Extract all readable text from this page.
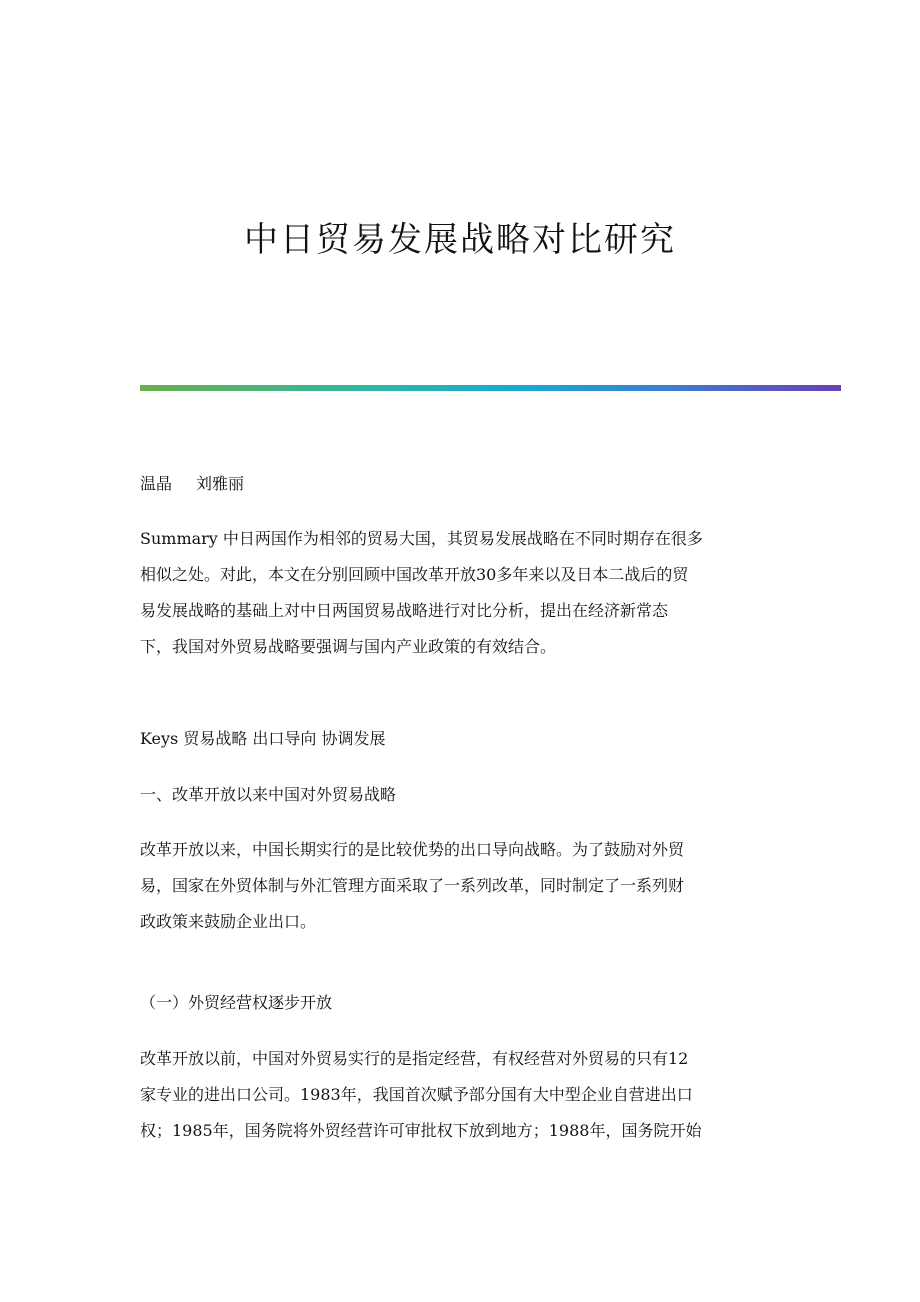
中日贸易发展战略对比研究

温晶 刘雅丽

Summary 中日两国作为相邻的贸易大国，其贸易发展战略在不同时期存在很多
相似之处。对此，本文在分别回顾中国改革开放30多年来以及日本二战后的贸
易发展战略的基础上对中日两国贸易战略进行对比分析，提出在经济新常态
下，我国对外贸易战略要强调与国内产业政策的有效结合。

Keys 贸易战略 出口导向 协调发展

一、改革开放以来中国对外贸易战略

改革开放以来，中国长期实行的是比较优势的出口导向战略。为了鼓励对外贸
易，国家在外贸体制与外汇管理方面采取了一系列改革，同时制定了一系列财
政政策来鼓励企业出口。

（一）外贸经营权逐步开放

改革开放以前，中国对外贸易实行的是指定经营，有权经营对外贸易的只有12
家专业的进出口公司。1983年，我国首次赋予部分国有大中型企业自营进出口
权；1985年，国务院将外贸经营许可审批权下放到地方；1988年，国务院开始
